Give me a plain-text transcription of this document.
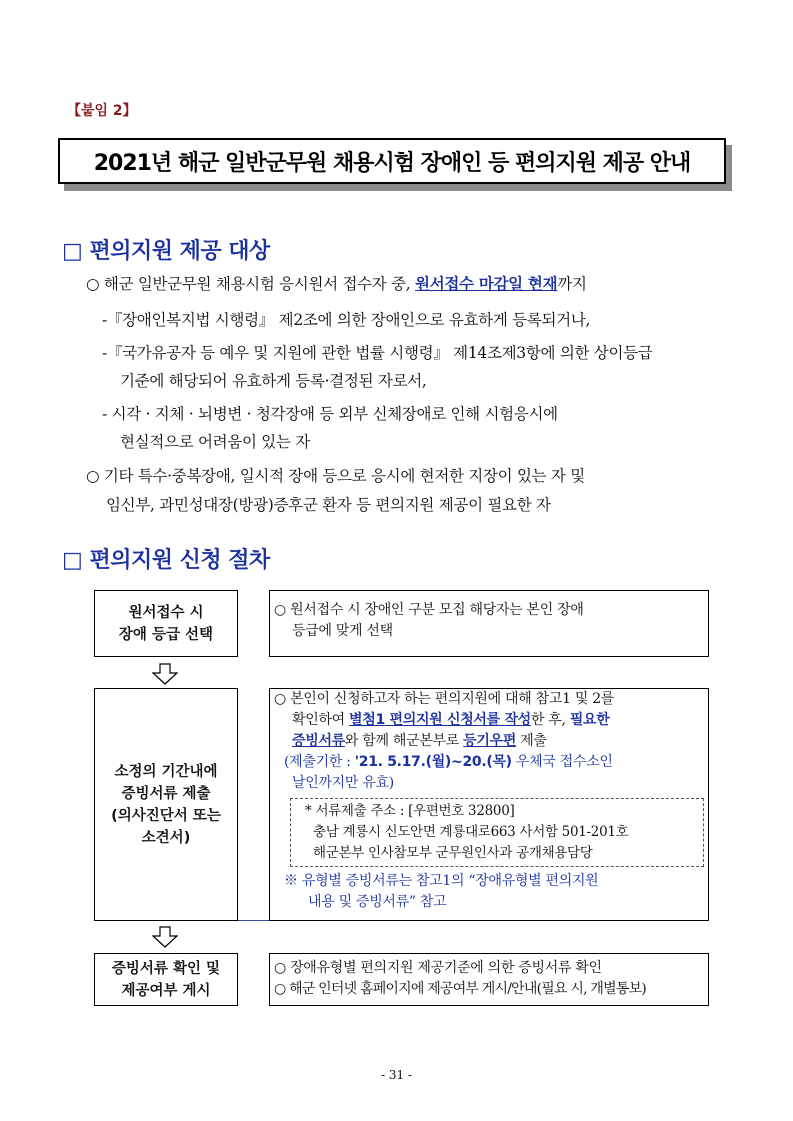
【붙임 2】
2021년 해군 일반군무원 채용시험 장애인 등 편의지원 제공 안내
□ 편의지원 제공 대상
○ 해군 일반군무원 채용시험 응시원서 접수자 중, 원서접수 마감일 현재까지
-『장애인복지법 시행령』 제2조에 의한 장애인으로 유효하게 등록되거나,
-『국가유공자 등 예우 및 지원에 관한 법률 시행령』 제14조제3항에 의한 상이등급
기준에 해당되어 유효하게 등록·결정된 자로서,
- 시각 · 지체 · 뇌병변 · 청각장애 등 외부 신체장애로 인해 시험응시에
현실적으로 어려움이 있는 자
○ 기타 특수·중복장애, 일시적 장애 등으로 응시에 현저한 지장이 있는 자 및
임신부, 과민성대장(방광)증후군 환자 등 편의지원 제공이 필요한 자
□ 편의지원 신청 절차
원서접수 시
장애 등급 선택
○ 원서접수 시 장애인 구분 모집 해당자는 본인 장애
등급에 맞게 선택
소정의 기간내에
증빙서류 제출
(의사진단서 또는
소견서)
○ 본인이 신청하고자 하는 편의지원에 대해 참고1 및 2를
확인하여 별첨1 편의지원 신청서를 작성한 후, 필요한
증빙서류와 함께 해군본부로 등기우편 제출
(제출기한 : '21. 5.17.(월)~20.(목) 우체국 접수소인
날인까지만 유효)
* 서류제출 주소 : [우편번호 32800]
충남 계룡시 신도안면 계룡대로663 사서함 501-201호
해군본부 인사참모부 군무원인사과 공개채용담당
※ 유형별 증빙서류는 참고1의 “장애유형별 편의지원
내용 및 증빙서류” 참고
증빙서류 확인 및
제공여부 게시
○ 장애유형별 편의지원 제공기준에 의한 증빙서류 확인
○ 해군 인터넷 홈페이지에 제공여부 게시/안내(필요 시, 개별통보)
- 31 -
